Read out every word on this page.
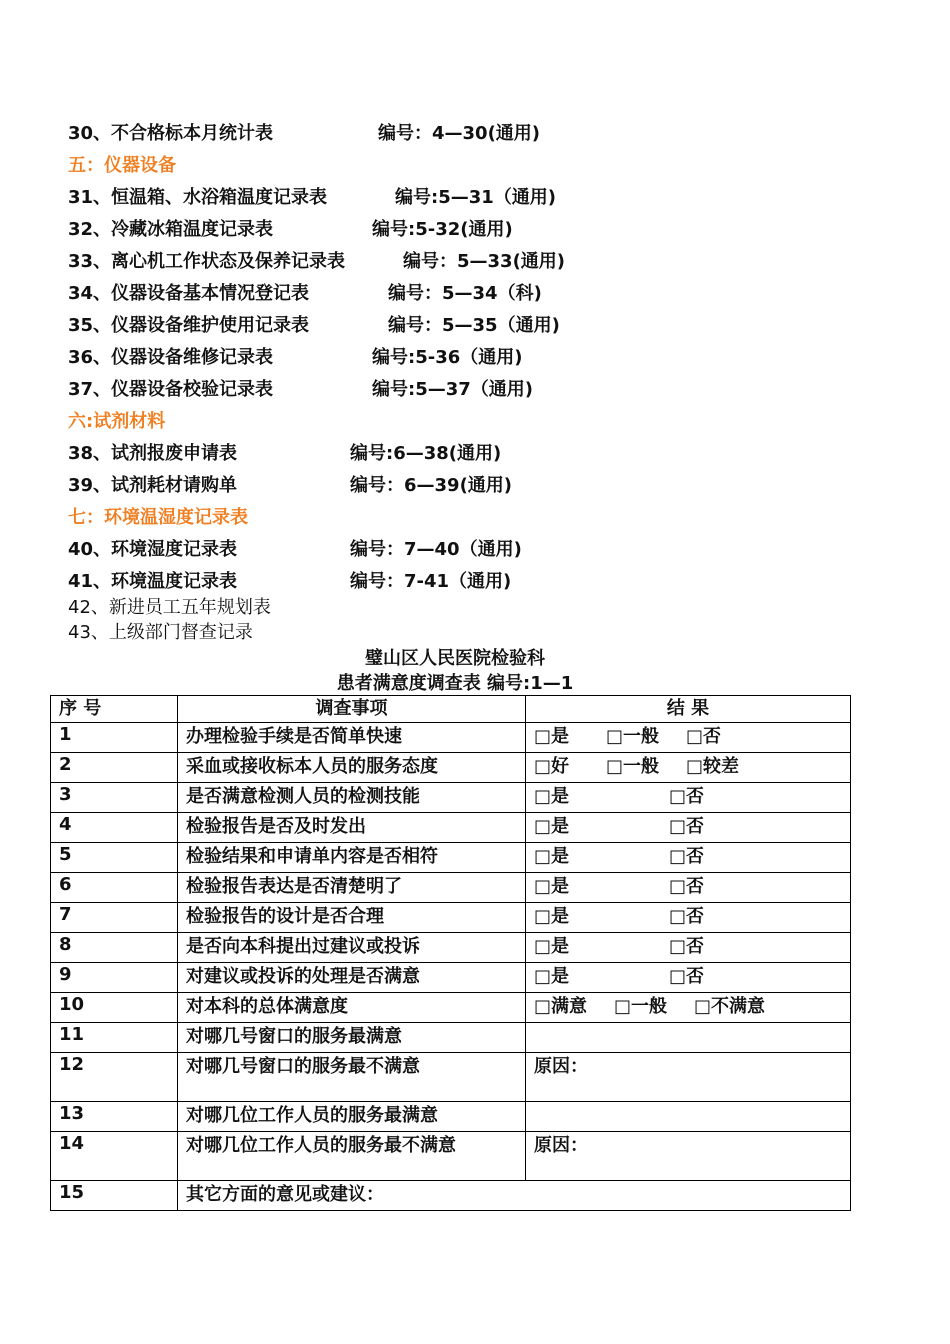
30、不合格标本月统计表	编号：4—30(通用)
五：仪器设备
31、恒温箱、水浴箱温度记录表	编号:5—31（通用)
32、冷藏冰箱温度记录表	编号:5-32(通用)
33、离心机工作状态及保养记录表	编号：5—33(通用)
34、仪器设备基本情况登记表	编号：5—34（科)
35、仪器设备维护使用记录表	编号：5—35（通用)
36、仪器设备维修记录表	编号:5-36（通用)
37、仪器设备校验记录表	编号:5—37（通用)
六:试剂材料
38、试剂报废申请表	编号:6—38(通用)
39、试剂耗材请购单	编号：6—39(通用)
七：环境温湿度记录表
40、环境湿度记录表	编号：7—40（通用)
41、环境温度记录表	编号：7-41（通用)
42、新进员工五年规划表
43、上级部门督查记录
璧山区人民医院检验科
患者满意度调查表 编号:1—1
序 号	调查事项	结 果

1	办理检验手续是否简单快速	□是 □一般 □否

2	采血或接收标本人员的服务态度	□好 □一般 □较差

3	是否满意检测人员的检测技能	□是 □否

4	检验报告是否及时发出	□是 □否

5	检验结果和申请单内容是否相符	□是 □否

6	检验报告表达是否清楚明了	□是 □否

7	检验报告的设计是否合理	□是 □否

8	是否向本科提出过建议或投诉	□是 □否

9	对建议或投诉的处理是否满意	□是 □否

10	对本科的总体满意度	□满意 □一般 □不满意

11	对哪几号窗口的服务最满意	
12	对哪几号窗口的服务最不满意	原因：
13	对哪几位工作人员的服务最满意	
14	对哪几位工作人员的服务最不满意	原因：
15	其它方面的意见或建议：	
